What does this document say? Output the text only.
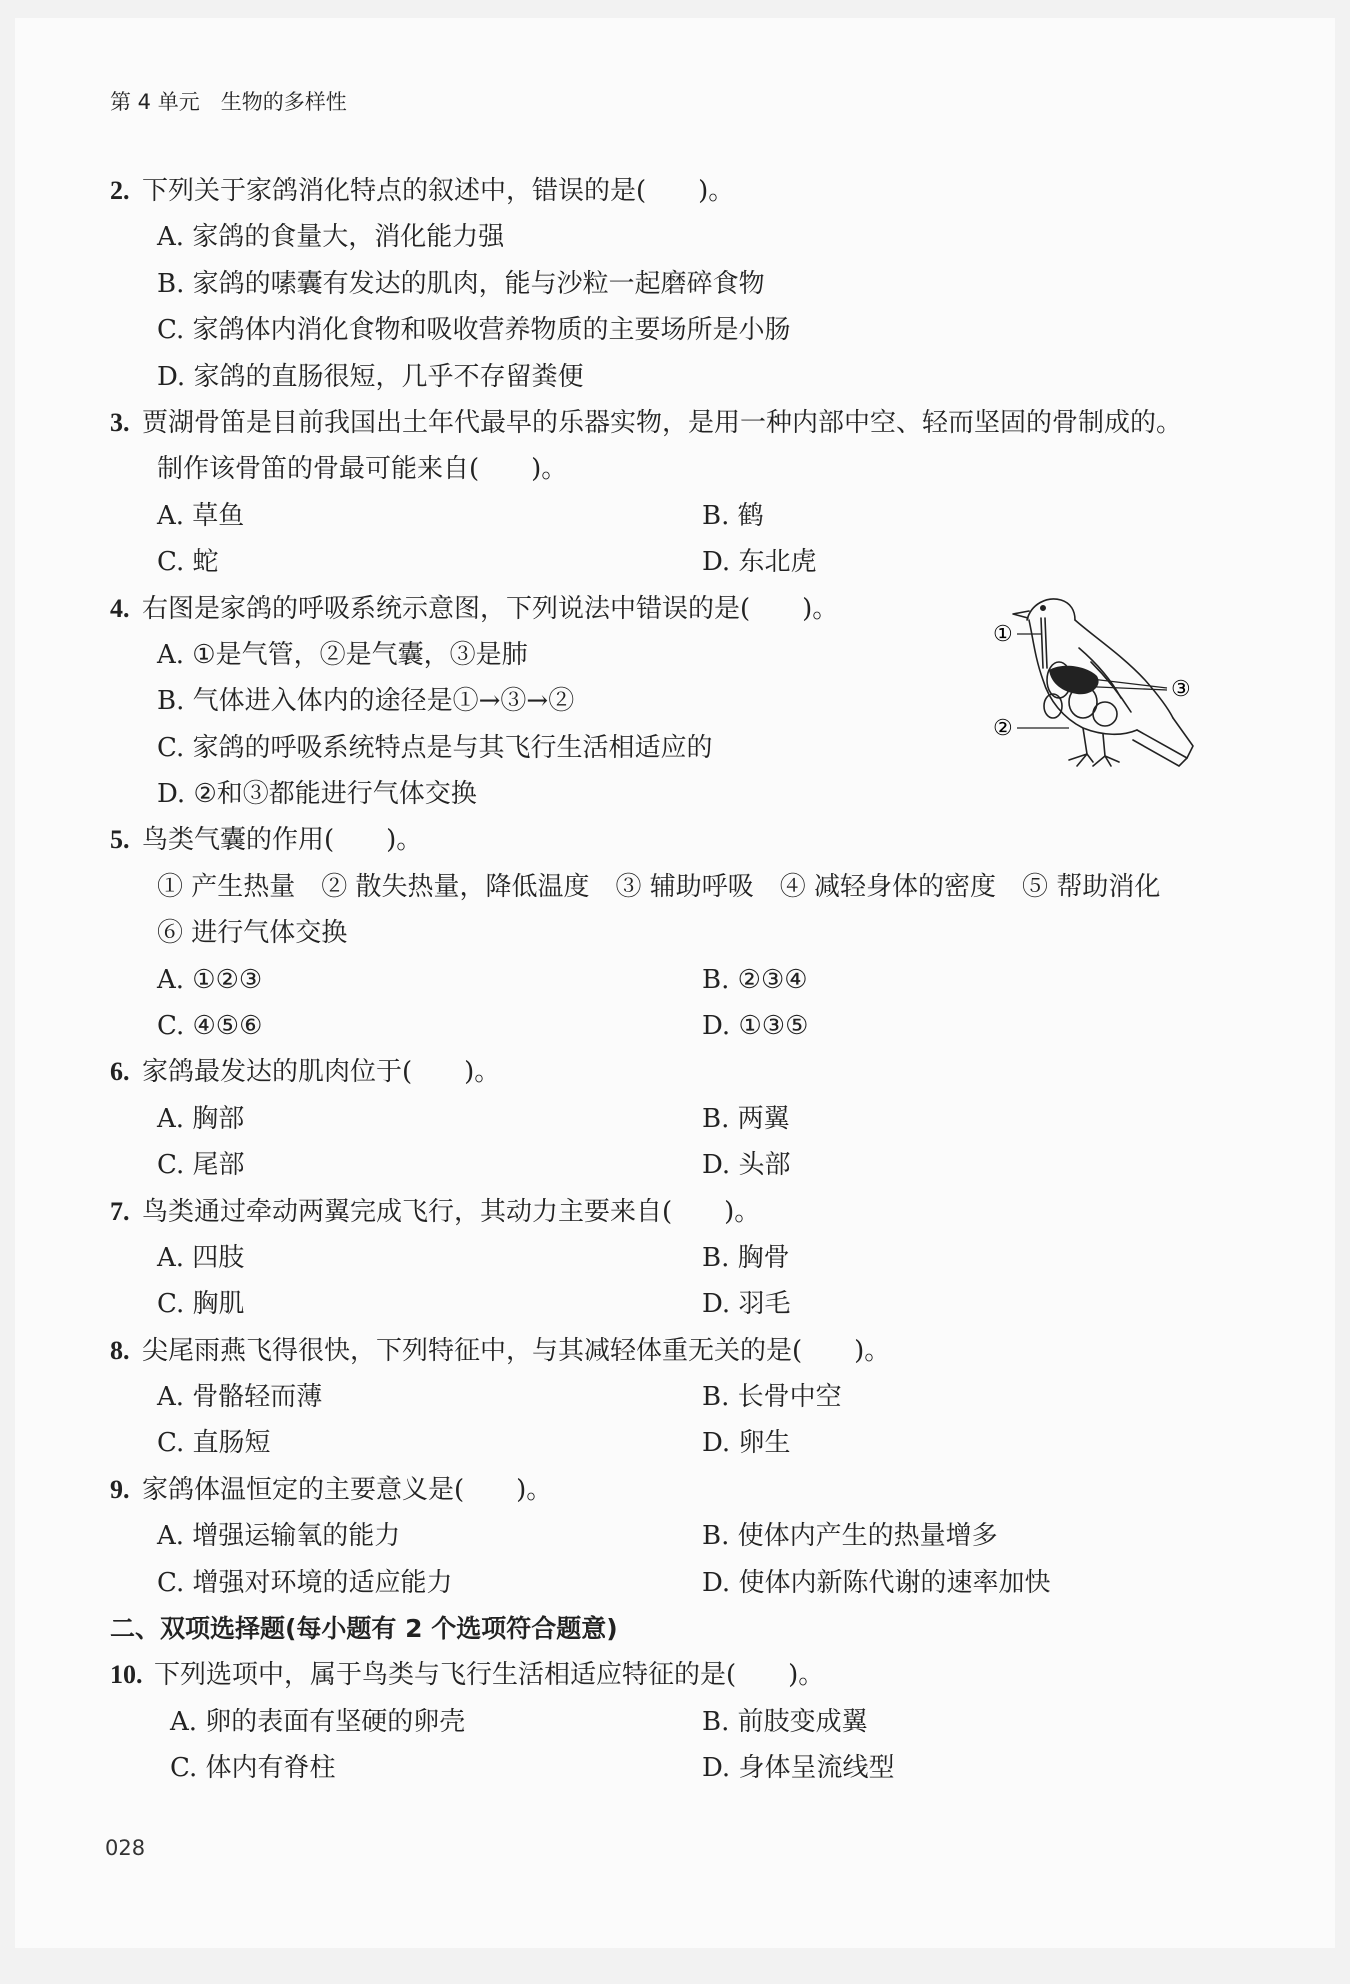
第 4 单元　生物的多样性
2. 下列关于家鸽消化特点的叙述中，错误的是(　　)。
A. 家鸽的食量大，消化能力强
B. 家鸽的嗉囊有发达的肌肉，能与沙粒一起磨碎食物
C. 家鸽体内消化食物和吸收营养物质的主要场所是小肠
D. 家鸽的直肠很短，几乎不存留粪便
3. 贾湖骨笛是目前我国出土年代最早的乐器实物，是用一种内部中空、轻而坚固的骨制成的。
制作该骨笛的骨最可能来自(　　)。
A. 草鱼	B. 鹤
C. 蛇	D. 东北虎
4. 右图是家鸽的呼吸系统示意图，下列说法中错误的是(　　)。
A. ①是气管，②是气囊，③是肺
B. 气体进入体内的途径是①→③→②
C. 家鸽的呼吸系统特点是与其飞行生活相适应的
D. ②和③都能进行气体交换
5. 鸟类气囊的作用(　　)。
① 产生热量　② 散失热量，降低温度　③ 辅助呼吸　④ 减轻身体的密度　⑤ 帮助消化
⑥ 进行气体交换
A. ①②③	B. ②③④
C. ④⑤⑥	D. ①③⑤
6. 家鸽最发达的肌肉位于(　　)。
A. 胸部	B. 两翼
C. 尾部	D. 头部
7. 鸟类通过牵动两翼完成飞行，其动力主要来自(　　)。
A. 四肢	B. 胸骨
C. 胸肌	D. 羽毛
8. 尖尾雨燕飞得很快，下列特征中，与其减轻体重无关的是(　　)。
A. 骨骼轻而薄	B. 长骨中空
C. 直肠短	D. 卵生
9. 家鸽体温恒定的主要意义是(　　)。
A. 增强运输氧的能力	B. 使体内产生的热量增多
C. 增强对环境的适应能力	D. 使体内新陈代谢的速率加快
二、双项选择题(每小题有 2 个选项符合题意)
10. 下列选项中，属于鸟类与飞行生活相适应特征的是(　　)。
A. 卵的表面有坚硬的卵壳	B. 前肢变成翼
C. 体内有脊柱	D. 身体呈流线型
①
②
③
028
